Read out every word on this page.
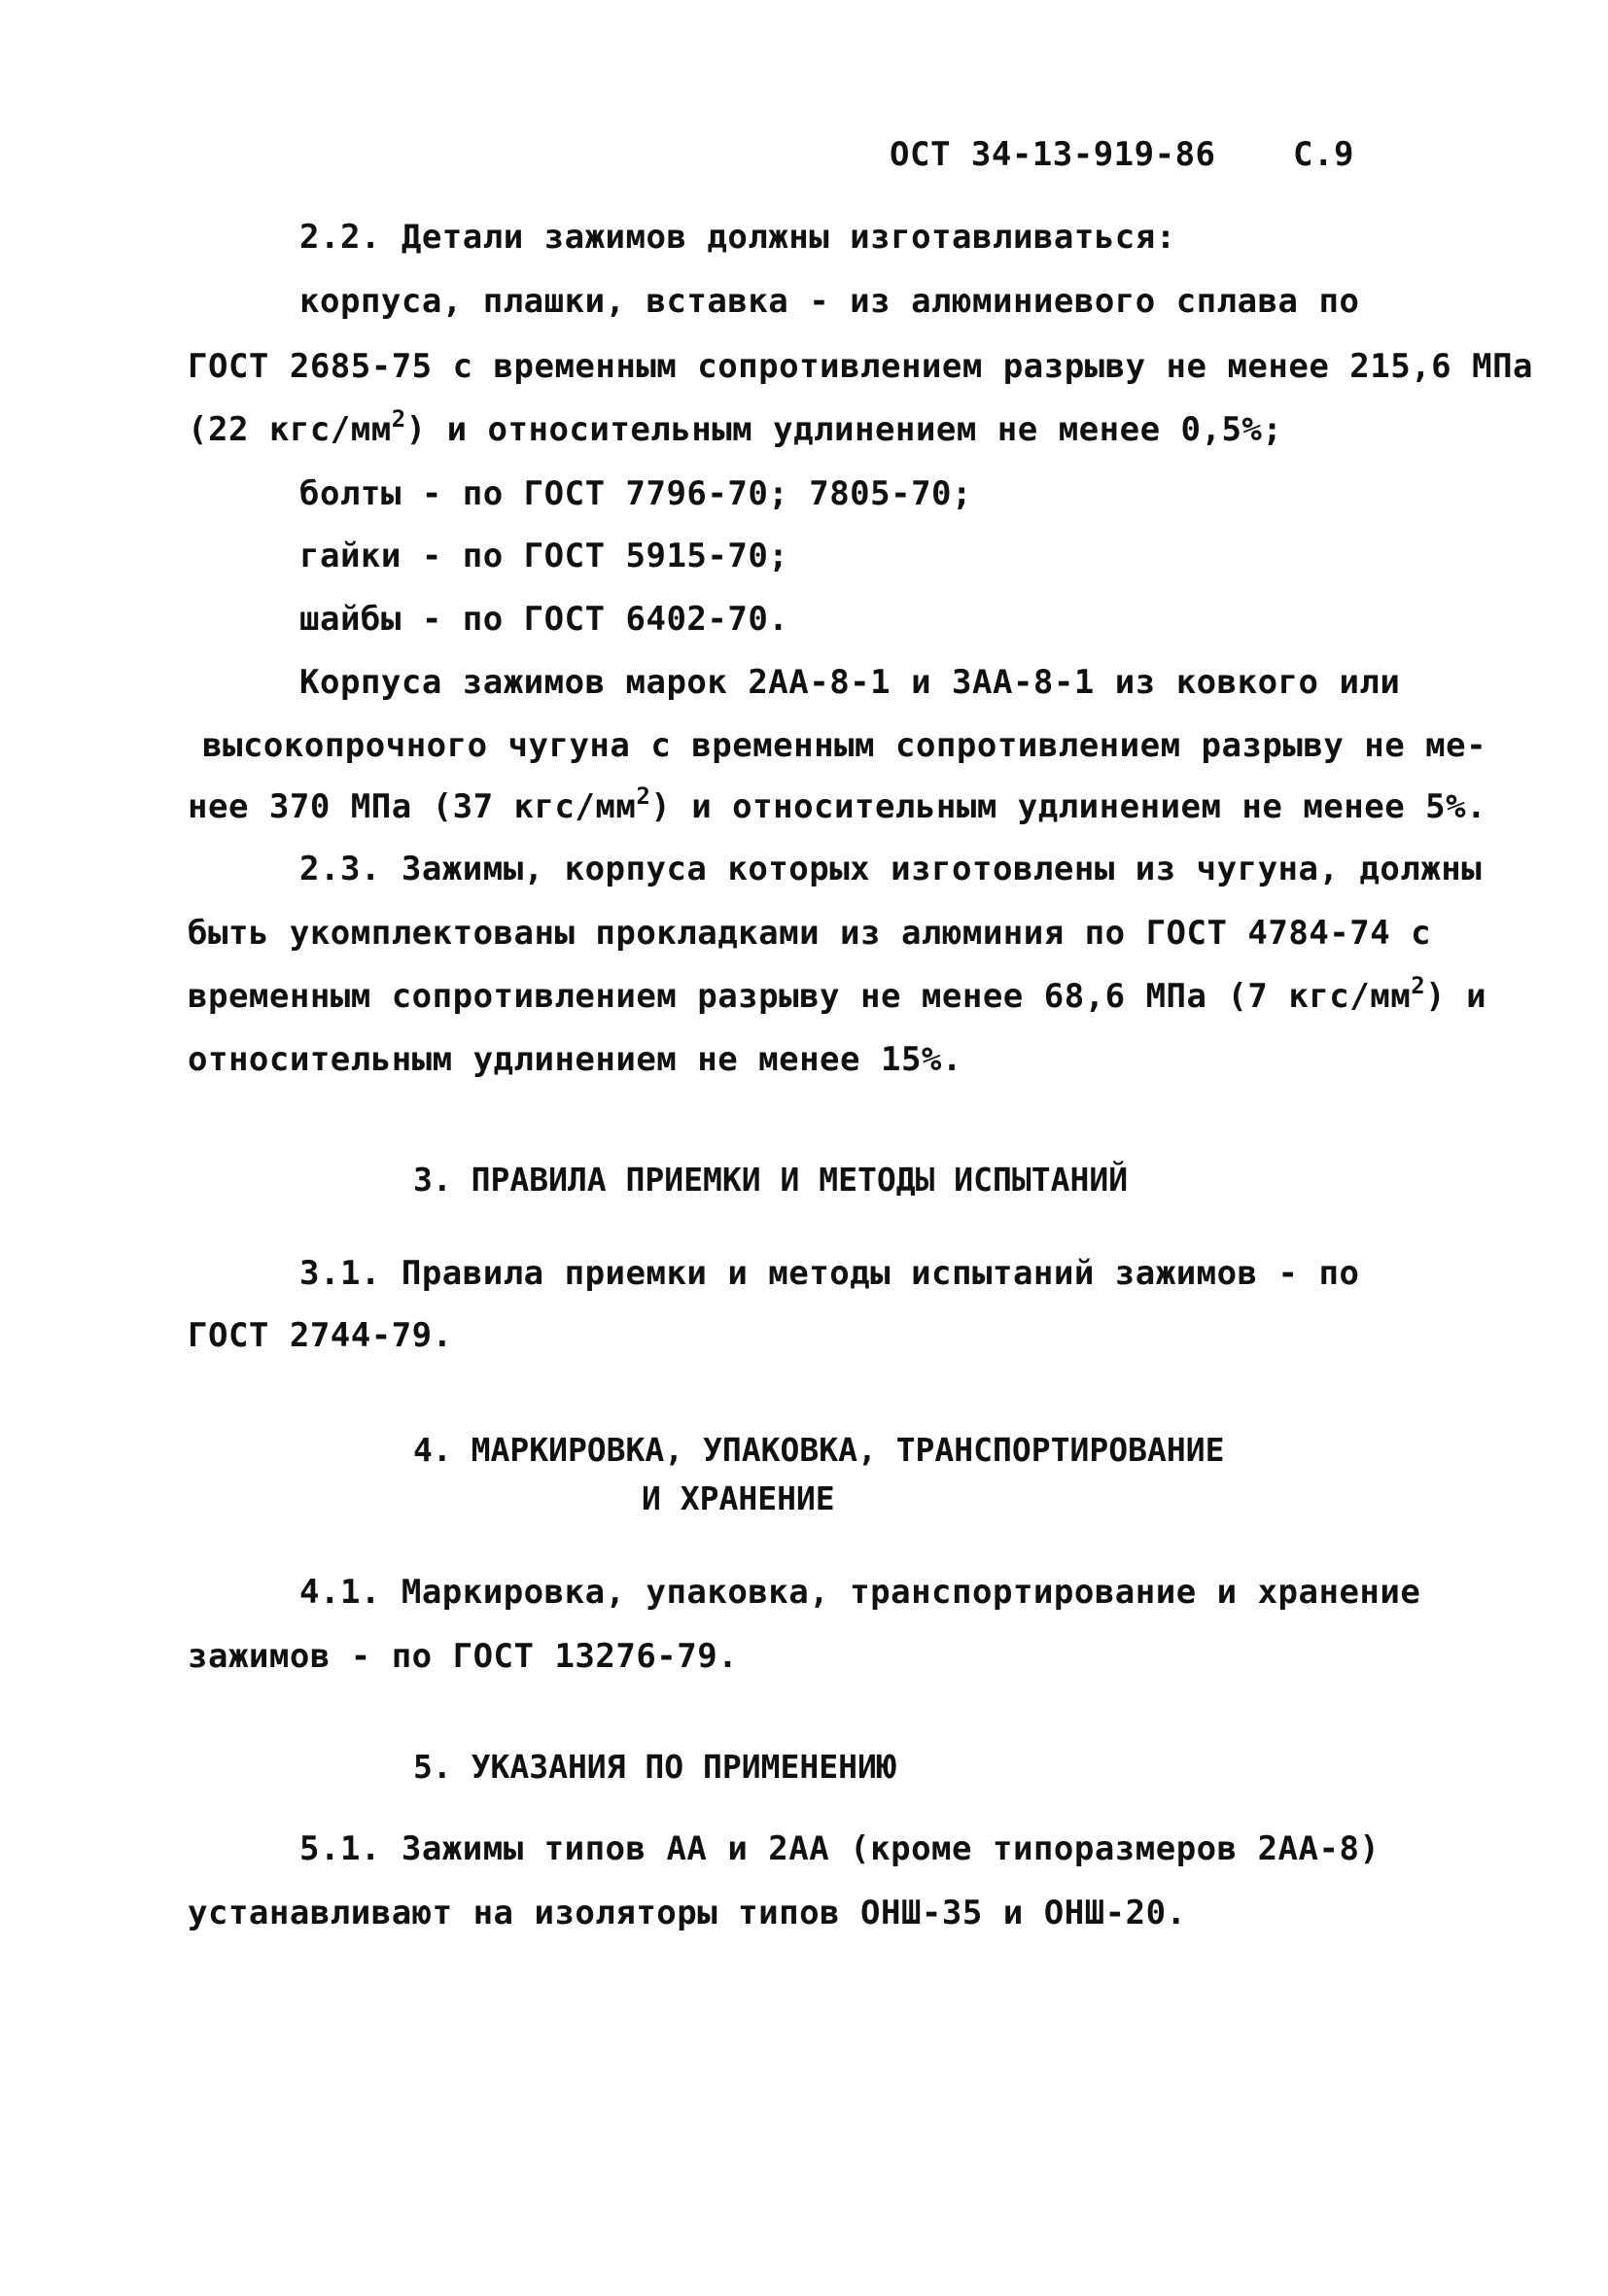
ОСТ 34-13-919-86 С.9
2.2. Детали зажимов должны изготавливаться:
корпуса, плашки, вставка - из алюминиевого сплава по
ГОСТ 2685-75 с временным сопротивлением разрыву не менее 215,6 МПа
(22 кгс/$мм^2$) и относительным удлинением не менее 0,5%;
болты - по ГОСТ 7796-70; 7805-70;
гайки - по ГОСТ 5915-70;
шайбы - по ГОСТ 6402-70.
Корпуса зажимов марок 2АА-8-1 и 3АА-8-1 из ковкого или
высокопрочного чугуна с временным сопротивлением разрыву не ме-
нее 370 МПа (37 кгс/$мм^2$) и относительным удлинением не менее 5%.
2.3. Зажимы, корпуса которых изготовлены из чугуна, должны
быть укомплектованы прокладками из алюминия по ГОСТ 4784-74 с
временным сопротивлением разрыву не менее 68,6 МПа (7 кгс/$мм^2$) и
относительным удлинением не менее 15%.
3. ПРАВИЛА ПРИЕМКИ И МЕТОДЫ ИСПЫТАНИЙ
3.1. Правила приемки и методы испытаний зажимов - по
ГОСТ 2744-79.
4. МАРКИРОВКА, УПАКОВКА, ТРАНСПОРТИРОВАНИЕ
И ХРАНЕНИЕ
4.1. Маркировка, упаковка, транспортирование и хранение
зажимов - по ГОСТ 13276-79.
5. УКАЗАНИЯ ПО ПРИМЕНЕНИЮ
5.1. Зажимы типов АА и 2АА (кроме типоразмеров 2АА-8)
устанавливают на изоляторы типов ОНШ-35 и ОНШ-20.
